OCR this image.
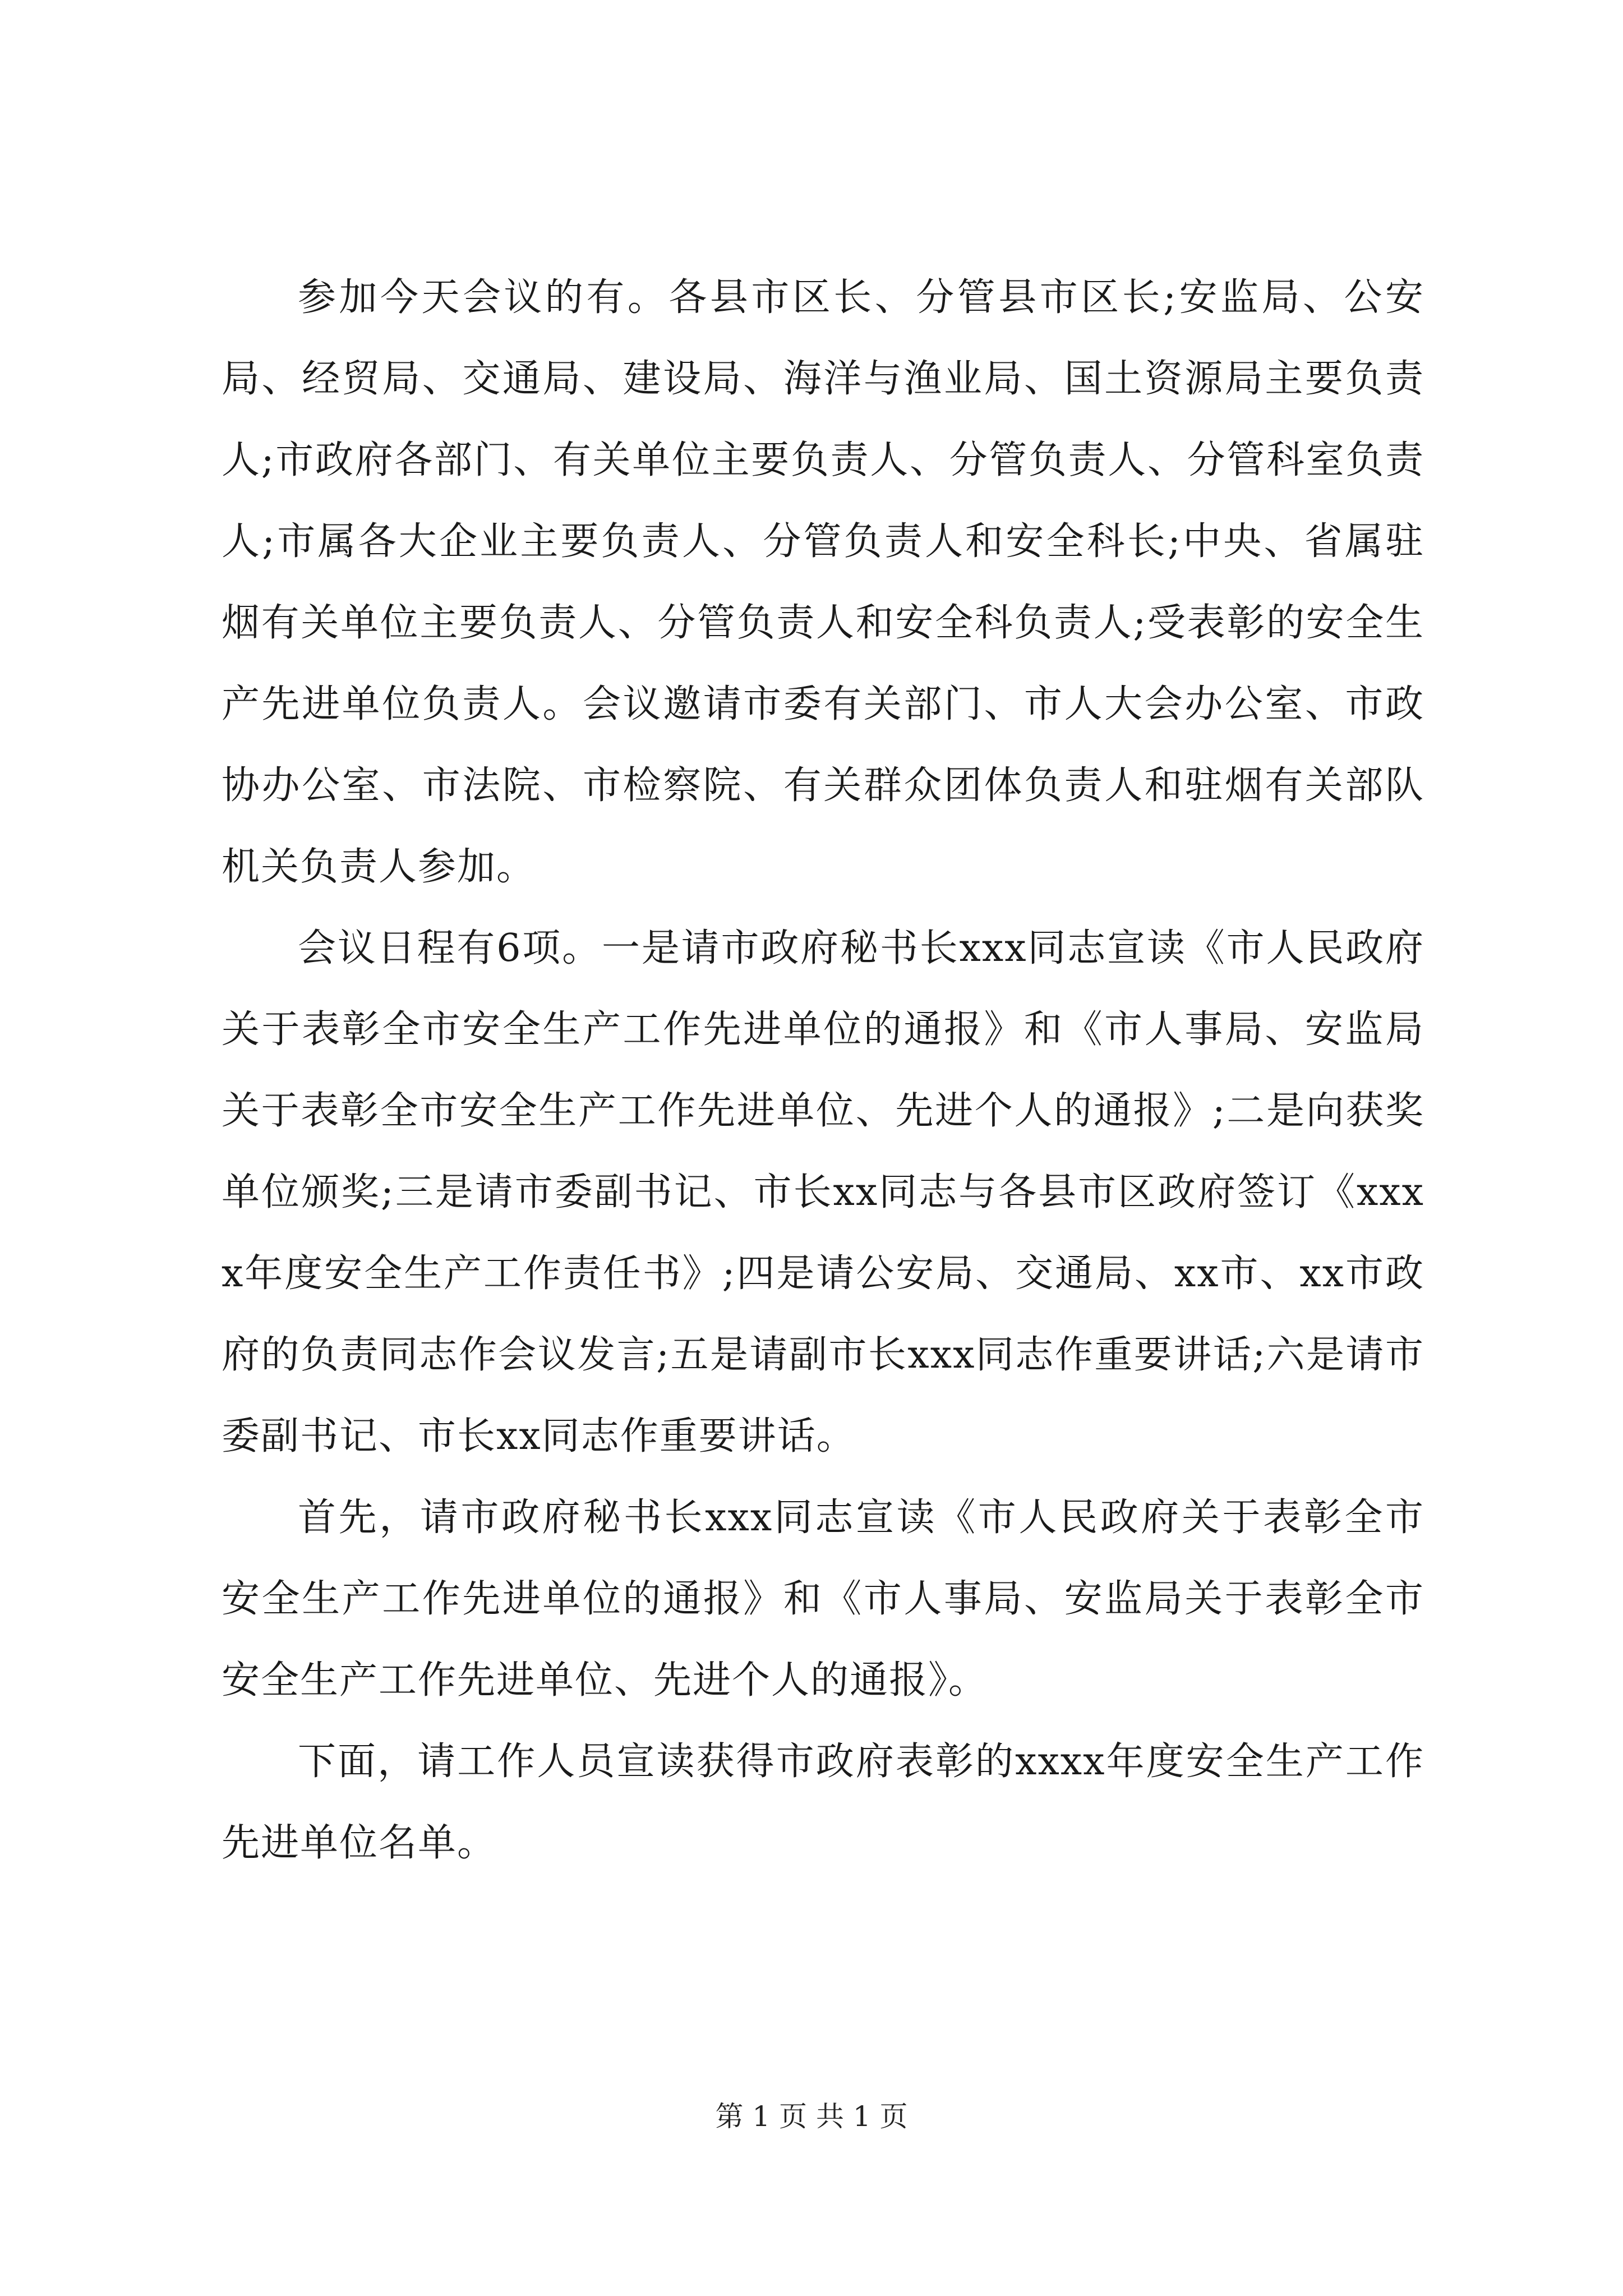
参加今天会议的有。各县市区长、分管县市区长;安监局、公安局、经贸局、交通局、建设局、海洋与渔业局、国土资源局主要负责人;市政府各部门、有关单位主要负责人、分管负责人、分管科室负责人;市属各大企业主要负责人、分管负责人和安全科长;中央、省属驻烟有关单位主要负责人、分管负责人和安全科负责人;受表彰的安全生产先进单位负责人。会议邀请市委有关部门、市人大会办公室、市政协办公室、市法院、市检察院、有关群众团体负责人和驻烟有关部队机关负责人参加。

会议日程有6项。一是请市政府秘书长xxx同志宣读《市人民政府关于表彰全市安全生产工作先进单位的通报》和《市人事局、安监局关于表彰全市安全生产工作先进单位、先进个人的通报》;二是向获奖单位颁奖;三是请市委副书记、市长xx同志与各县市区政府签订《xxxx年度安全生产工作责任书》;四是请公安局、交通局、xx市、xx市政府的负责同志作会议发言;五是请副市长xxx同志作重要讲话;六是请市委副书记、市长xx同志作重要讲话。

首先，请市政府秘书长xxx同志宣读《市人民政府关于表彰全市安全生产工作先进单位的通报》和《市人事局、安监局关于表彰全市安全生产工作先进单位、先进个人的通报》。

下面，请工作人员宣读获得市政府表彰的xxxx年度安全生产工作先进单位名单。

第 1 页 共 1 页
